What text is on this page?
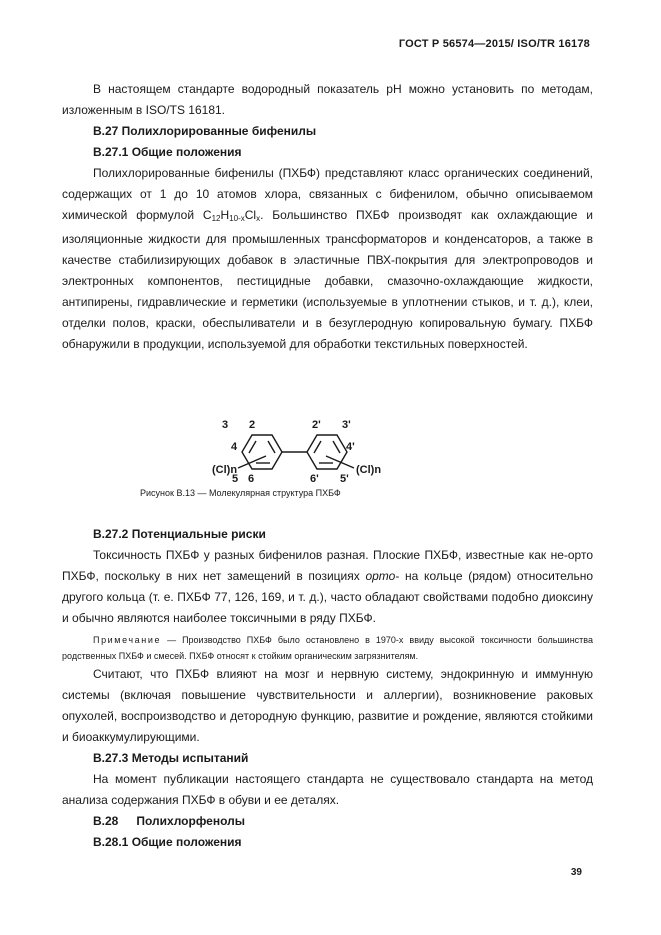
ГОСТ Р 56574—2015/ ISO/TR 16178

В настоящем стандарте водородный показатель pH можно установить по методам, изложенным в ISO/TS 16181.

В.27 Полихлорированные бифенилы

В.27.1 Общие положения

Полихлорированные бифенилы (ПХБФ) представляют класс органических соединений, содержащих от 1 до 10 атомов хлора, связанных с бифенилом, обычно описываемом химической формулой $C_{12}H_{10-x}Cl_x$. Большинство ПХБФ производят как охлаждающие и изоляционные жидкости для промышленных трансформаторов и конденсаторов, а также в качестве стабилизирующих добавок в эластичные ПВХ-покрытия для электропроводов и электронных компонентов, пестицидные добавки, смазочно-охлаждающие жидкости, антипирены, гидравлические и герметики (используемые в уплотнении стыков, и т. д.), клеи, отделки полов, краски, обеспыливатели и в безуглеродную копировальную бумагу. ПХБФ обнаружили в продукции, используемой для обработки текстильных поверхностей.

3 2
4
(Cl)n
5 6
2' 3'
4'
(Cl)n
6' 5'
Рисунок В.13 — Молекулярная структура ПХБФ

В.27.2 Потенциальные риски

Токсичность ПХБФ у разных бифенилов разная. Плоские ПХБФ, известные как не-орто ПХБФ, поскольку в них нет замещений в позициях орто- на кольце (рядом) относительно другого кольца (т. е. ПХБФ 77, 126, 169, и т. д.), часто обладают свойствами подобно диоксину и обычно являются наиболее токсичными в ряду ПХБФ.

Примечание — Производство ПХБФ было остановлено в 1970-х ввиду высокой токсичности большинства родственных ПХБФ и смесей. ПХБФ относят к стойким органическим загрязнителям.

Считают, что ПХБФ влияют на мозг и нервную систему, эндокринную и иммунную системы (включая повышение чувствительности и аллергии), возникновение раковых опухолей, воспроизводство и детородную функцию, развитие и рождение, являются стойкими и биоаккумулирующими.

В.27.3 Методы испытаний

На момент публикации настоящего стандарта не существовало стандарта на метод анализа содержания ПХБФ в обуви и ее деталях.

В.28 Полихлорфенолы

В.28.1 Общие положения

39
